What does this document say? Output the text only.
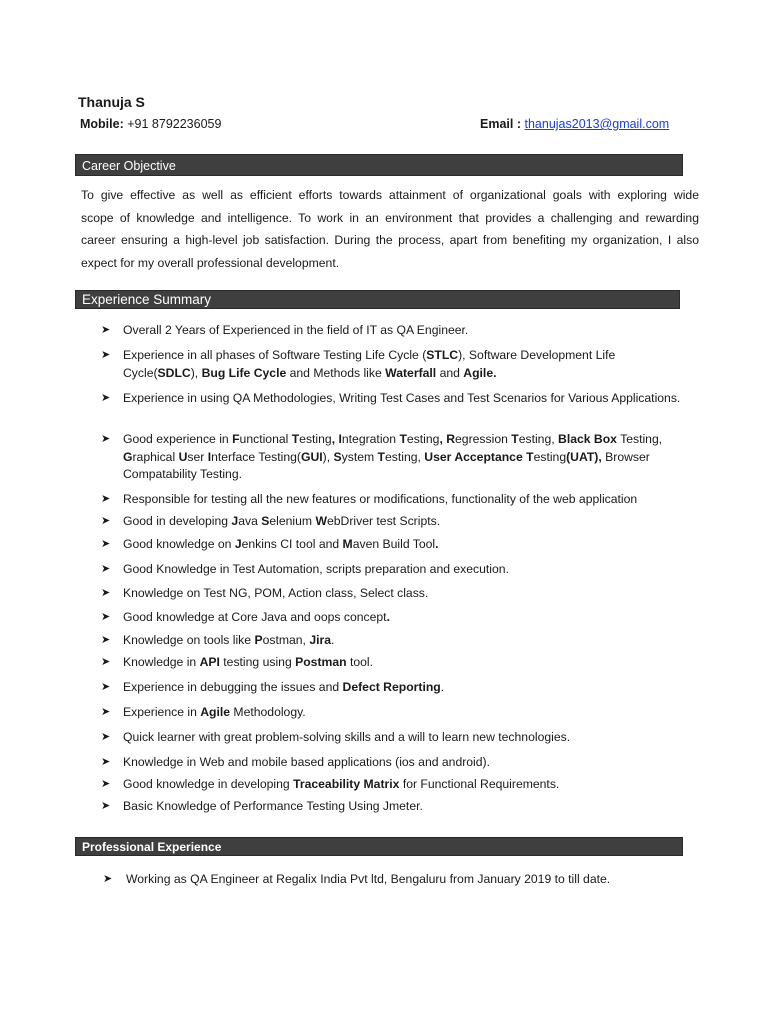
Thanuja S
Mobile: +91 8792236059	Email : thanujas2013@gmail.com
Career Objective
To give effective as well as efficient efforts towards attainment of organizational goals with exploring wide
scope of knowledge and intelligence. To work in an environment that provides a challenging and rewarding
career ensuring a high-level job satisfaction. During the process, apart from benefiting my organization, I also
expect for my overall professional development.
Experience Summary
➤ Overall 2 Years of Experienced in the field of IT as QA Engineer.
➤ Experience in all phases of Software Testing Life Cycle (STLC), Software Development Life Cycle(SDLC), Bug Life Cycle and Methods like Waterfall and Agile.
➤ Experience in using QA Methodologies, Writing Test Cases and Test Scenarios for Various Applications.
➤ Good experience in Functional Testing, Integration Testing, Regression Testing, Black Box Testing, Graphical User Interface Testing(GUI), System Testing, User Acceptance Testing(UAT), Browser Compatability Testing.
➤ Responsible for testing all the new features or modifications, functionality of the web application
➤ Good in developing Java Selenium WebDriver test Scripts.
➤ Good knowledge on Jenkins CI tool and Maven Build Tool.
➤ Good Knowledge in Test Automation, scripts preparation and execution.
➤ Knowledge on Test NG, POM, Action class, Select class.
➤ Good knowledge at Core Java and oops concept.
➤ Knowledge on tools like Postman, Jira.
➤ Knowledge in API testing using Postman tool.
➤ Experience in debugging the issues and Defect Reporting.
➤ Experience in Agile Methodology.
➤ Quick learner with great problem-solving skills and a will to learn new technologies.
➤ Knowledge in Web and mobile based applications (ios and android).
➤ Good knowledge in developing Traceability Matrix for Functional Requirements.
➤ Basic Knowledge of Performance Testing Using Jmeter.
Professional Experience
➤ Working as QA Engineer at Regalix India Pvt ltd, Bengaluru from January 2019 to till date.
